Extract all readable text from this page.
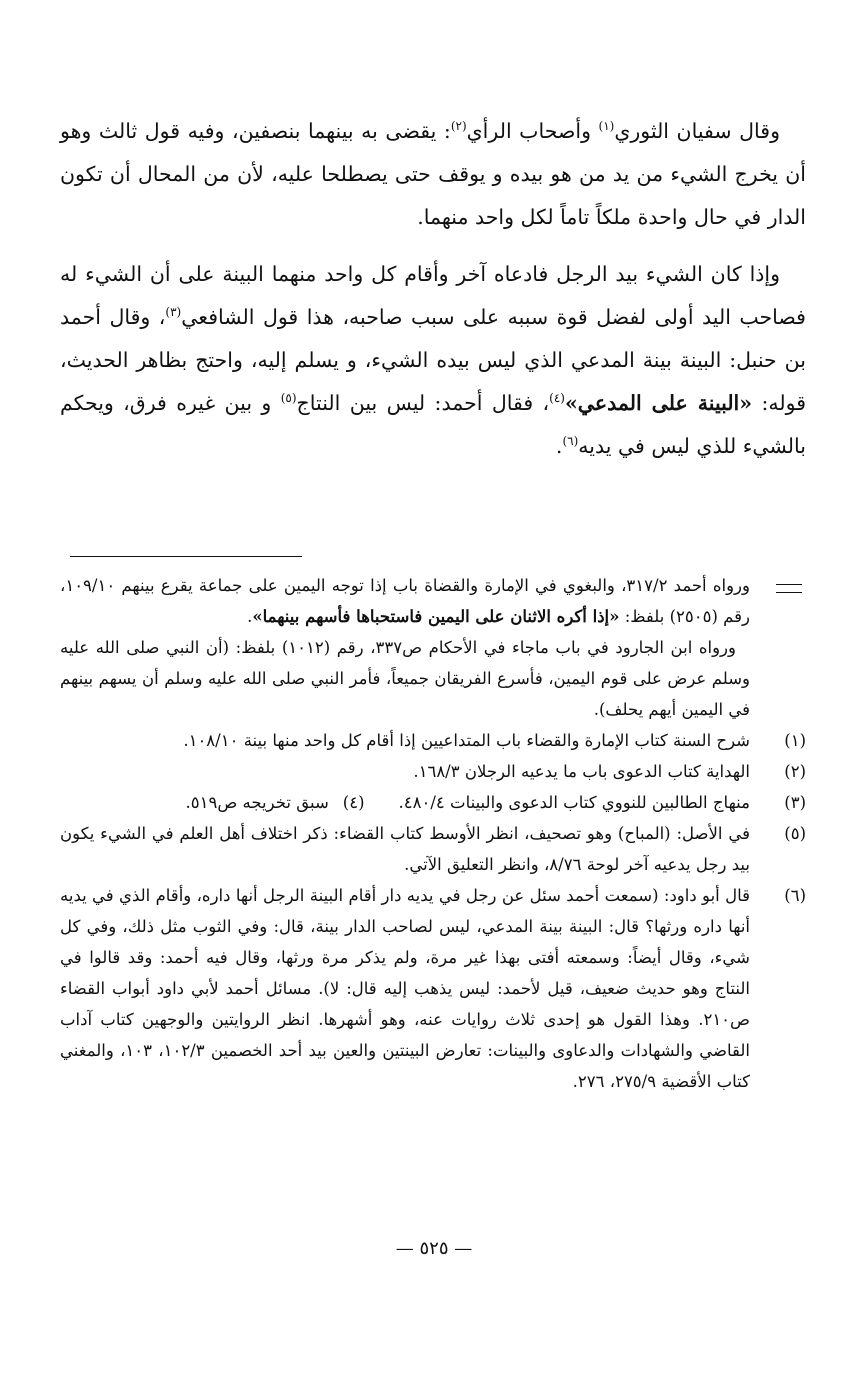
وقال سفيان الثوري$^{(١)}$ وأصحاب الرأي$^{(٢)}$: يقضى به بينهما بنصفين، وفيه قول ثالث وهو أن يخرج الشيء من يد من هو بيده و يوقف حتى يصطلحا عليه، لأن من المحال أن تكون الدار في حال واحدة ملكاً تاماً لكل واحد منهما.

وإذا كان الشيء بيد الرجل فادعاه آخر وأقام كل واحد منهما البينة على أن الشيء له فصاحب اليد أولى لفضل قوة سببه على سبب صاحبه، هذا قول الشافعي$^{(٣)}$، وقال أحمد بن حنبل: البينة بينة المدعي الذي ليس بيده الشيء، و يسلم إليه، واحتج بظاهر الحديث، قوله: «البينة على المدعي»$^{(٤)}$، فقال أحمد: ليس بين النتاج$^{(٥)}$ و بين غيره فرق، ويحكم بالشيء للذي ليس في يديه$^{(٦)}$.

ورواه أحمد ٣١٧/٢، والبغوي في الإمارة والقضاة باب إذا توجه اليمين على جماعة يقرع بينهم ١٠٩/١٠، رقم (٢٥٠٥) بلفظ: «إذا أكره الاثنان على اليمين فاستحباها فأسهم بينهما».

ورواه ابن الجارود في باب ماجاء في الأحكام ص٣٣٧، رقم (١٠١٢) بلفظ: (أن النبي صلى الله عليه وسلم عرض على قوم اليمين، فأسرع الفريقان جميعاً، فأمر النبي صلى الله عليه وسلم أن يسهم بينهم في اليمين أيهم يحلف).

(١)
شرح السنة كتاب الإمارة والقضاء باب المتداعيين إذا أقام كل واحد منها بينة ١٠٨/١٠.
(٢)
الهداية كتاب الدعوى باب ما يدعيه الرجلان ١٦٨/٣.
(٣)
منهاج الطالبين للنووي كتاب الدعوى والبينات ٤٨٠/٤.(٤)سبق تخريجه ص٥١٩.
(٥)
في الأصل: (المباح) وهو تصحيف، انظر الأوسط كتاب القضاء: ذكر اختلاف أهل العلم في الشيء يكون بيد رجل يدعيه آخر لوحة ٨/٧٦، وانظر التعليق الآتي.
(٦)
قال أبو داود: (سمعت أحمد سئل عن رجل في يديه دار أقام البينة الرجل أنها داره، وأقام الذي في يديه أنها داره ورثها؟ قال: البينة بينة المدعي، ليس لصاحب الدار بينة، قال: وفي الثوب مثل ذلك، وفي كل شيء، وقال أيضاً: وسمعته أفتى بهذا غير مرة، ولم يذكر مرة ورثها، وقال فيه أحمد: وقد قالوا في النتاج وهو حديث ضعيف، قيل لأحمد: ليس يذهب إليه قال: لا). مسائل أحمد لأبي داود أبواب القضاء ص٢١٠. وهذا القول هو إحدى ثلاث روايات عنه، وهو أشهرها. انظر الروايتين والوجهين كتاب آداب القاضي والشهادات والدعاوى والبينات: تعارض البينتين والعين بيد أحد الخصمين ١٠٢/٣، ١٠٣، والمغني كتاب الأقضية ٢٧٥/٩، ٢٧٦.
— ٥٢٥ —
